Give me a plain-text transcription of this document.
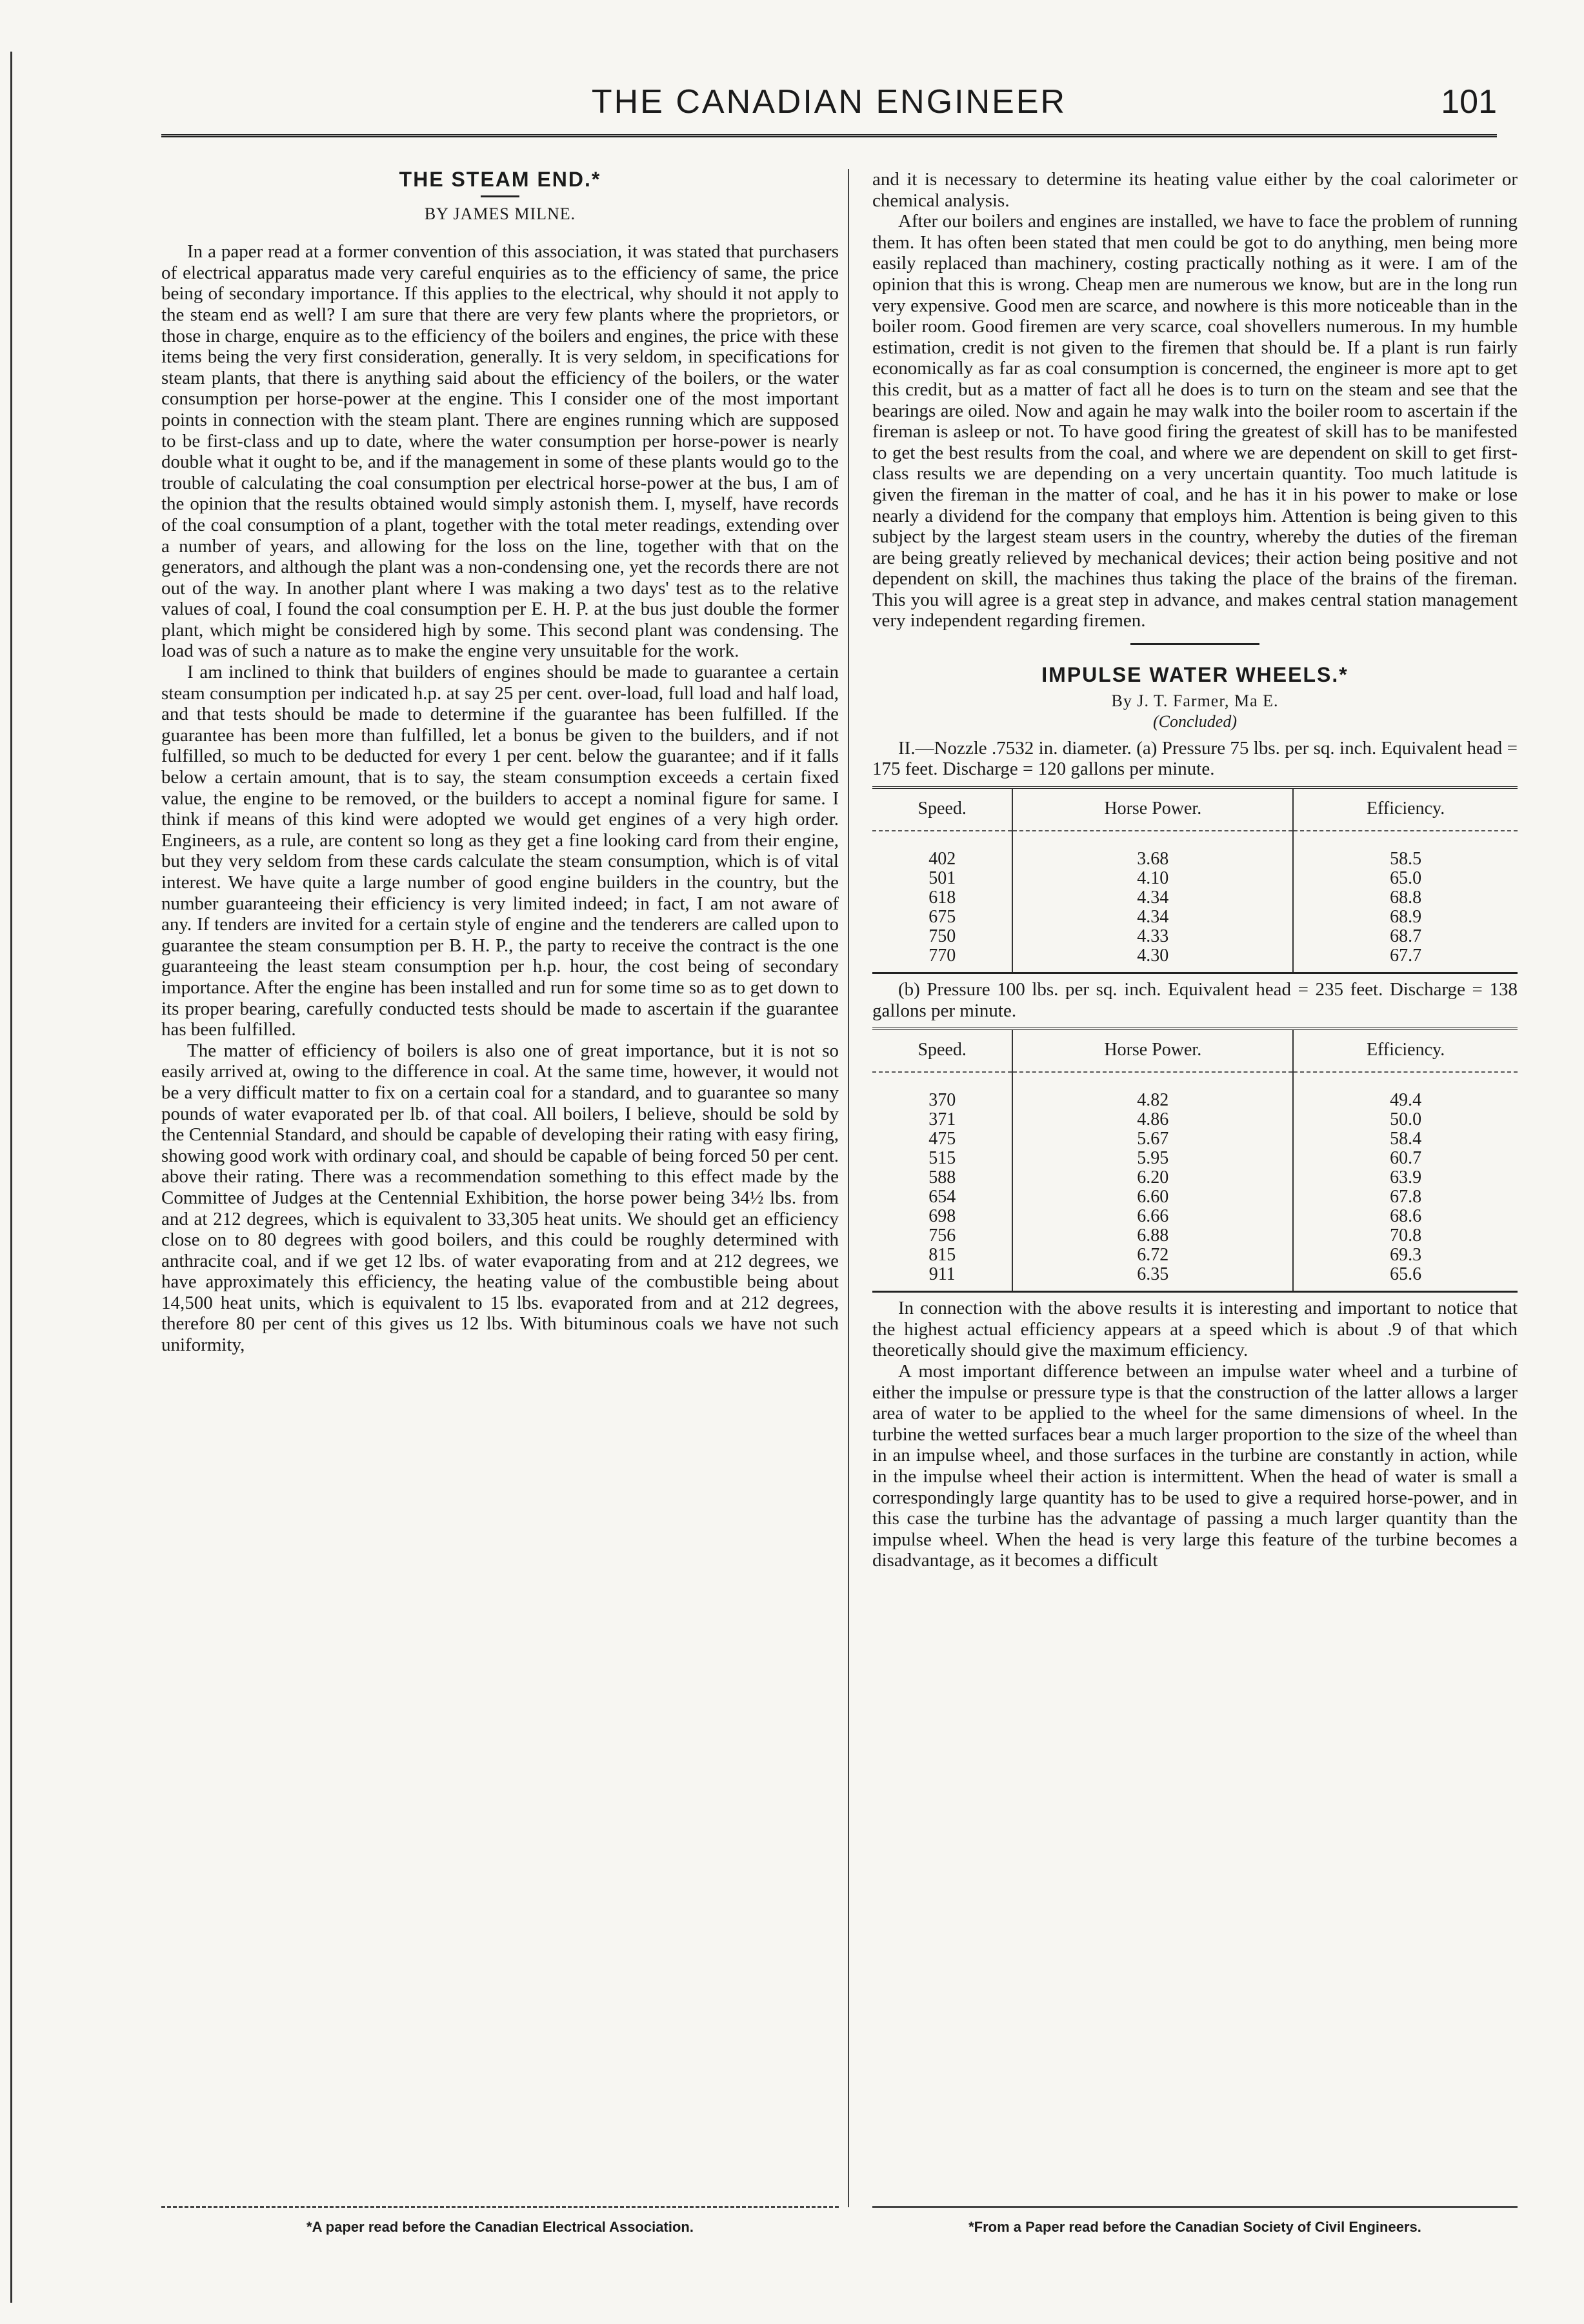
THE CANADIAN ENGINEER	101
THE STEAM END.*
BY JAMES MILNE.

In a paper read at a former convention of this association, it was stated that purchasers of electrical apparatus made very careful enquiries as to the efficiency of same, the price being of secondary importance. If this applies to the electrical, why should it not apply to the steam end as well? I am sure that there are very few plants where the proprietors, or those in charge, enquire as to the efficiency of the boilers and engines, the price with these items being the very first consideration, generally. It is very seldom, in specifications for steam plants, that there is anything said about the efficiency of the boilers, or the water consumption per horse-power at the engine. This I consider one of the most important points in connection with the steam plant. There are engines running which are supposed to be first-class and up to date, where the water consumption per horse-power is nearly double what it ought to be, and if the management in some of these plants would go to the trouble of calculating the coal consumption per electrical horse-power at the bus, I am of the opinion that the results obtained would simply astonish them. I, myself, have records of the coal consumption of a plant, together with the total meter readings, extending over a number of years, and allowing for the loss on the line, together with that on the generators, and although the plant was a non-condensing one, yet the records there are not out of the way. In another plant where I was making a two days' test as to the relative values of coal, I found the coal consumption per E. H. P. at the bus just double the former plant, which might be considered high by some. This second plant was condensing. The load was of such a nature as to make the engine very unsuitable for the work.

I am inclined to think that builders of engines should be made to guarantee a certain steam consumption per indicated h.p. at say 25 per cent. over-load, full load and half load, and that tests should be made to determine if the guarantee has been fulfilled. If the guarantee has been more than fulfilled, let a bonus be given to the builders, and if not fulfilled, so much to be deducted for every 1 per cent. below the guarantee; and if it falls below a certain amount, that is to say, the steam consumption exceeds a certain fixed value, the engine to be removed, or the builders to accept a nominal figure for same. I think if means of this kind were adopted we would get engines of a very high order. Engineers, as a rule, are content so long as they get a fine looking card from their engine, but they very seldom from these cards calculate the steam consumption, which is of vital interest. We have quite a large number of good engine builders in the country, but the number guaranteeing their efficiency is very limited indeed; in fact, I am not aware of any. If tenders are invited for a certain style of engine and the tenderers are called upon to guarantee the steam consumption per B. H. P., the party to receive the contract is the one guaranteeing the least steam consumption per h.p. hour, the cost being of secondary importance. After the engine has been installed and run for some time so as to get down to its proper bearing, carefully conducted tests should be made to ascertain if the guarantee has been fulfilled.

The matter of efficiency of boilers is also one of great importance, but it is not so easily arrived at, owing to the difference in coal. At the same time, however, it would not be a very difficult matter to fix on a certain coal for a standard, and to guarantee so many pounds of water evaporated per lb. of that coal. All boilers, I believe, should be sold by the Centennial Standard, and should be capable of developing their rating with easy firing, showing good work with ordinary coal, and should be capable of being forced 50 per cent. above their rating. There was a recommendation something to this effect made by the Committee of Judges at the Centennial Exhibition, the horse power being 34½ lbs. from and at 212 degrees, which is equivalent to 33,305 heat units. We should get an efficiency close on to 80 degrees with good boilers, and this could be roughly determined with anthracite coal, and if we get 12 lbs. of water evaporating from and at 212 degrees, we have approximately this efficiency, the heating value of the combustible being about 14,500 heat units, which is equivalent to 15 lbs. evaporated from and at 212 degrees, therefore 80 per cent of this gives us 12 lbs. With bituminous coals we have not such uniformity,

and it is necessary to determine its heating value either by the coal calorimeter or chemical analysis.

After our boilers and engines are installed, we have to face the problem of running them. It has often been stated that men could be got to do anything, men being more easily replaced than machinery, costing practically nothing as it were. I am of the opinion that this is wrong. Cheap men are numerous we know, but are in the long run very expensive. Good men are scarce, and nowhere is this more noticeable than in the boiler room. Good firemen are very scarce, coal shovellers numerous. In my humble estimation, credit is not given to the firemen that should be. If a plant is run fairly economically as far as coal consumption is concerned, the engineer is more apt to get this credit, but as a matter of fact all he does is to turn on the steam and see that the bearings are oiled. Now and again he may walk into the boiler room to ascertain if the fireman is asleep or not. To have good firing the greatest of skill has to be manifested to get the best results from the coal, and where we are dependent on skill to get first-class results we are depending on a very uncertain quantity. Too much latitude is given the fireman in the matter of coal, and he has it in his power to make or lose nearly a dividend for the company that employs him. Attention is being given to this subject by the largest steam users in the country, whereby the duties of the fireman are being greatly relieved by mechanical devices; their action being positive and not dependent on skill, the machines thus taking the place of the brains of the fireman. This you will agree is a great step in advance, and makes central station management very independent regarding firemen.

IMPULSE WATER WHEELS.*
By J. T. Farmer, Ma E.
(Concluded)

II.—Nozzle .7532 in. diameter. (a) Pressure 75 lbs. per sq. inch. Equivalent head = 175 feet. Discharge = 120 gallons per minute.

Speed.	Horse Power.	Efficiency.
402	3.68	58.5
501	4.10	65.0
618	4.34	68.8
675	4.34	68.9
750	4.33	68.7
770	4.30	67.7

(b) Pressure 100 lbs. per sq. inch. Equivalent head = 235 feet. Discharge = 138 gallons per minute.

Speed.	Horse Power.	Efficiency.
370	4.82	49.4
371	4.86	50.0
475	5.67	58.4
515	5.95	60.7
588	6.20	63.9
654	6.60	67.8
698	6.66	68.6
756	6.88	70.8
815	6.72	69.3
911	6.35	65.6

In connection with the above results it is interesting and important to notice that the highest actual efficiency appears at a speed which is about .9 of that which theoretically should give the maximum efficiency.

A most important difference between an impulse water wheel and a turbine of either the impulse or pressure type is that the construction of the latter allows a larger area of water to be applied to the wheel for the same dimensions of wheel. In the turbine the wetted surfaces bear a much larger proportion to the size of the wheel than in an impulse wheel, and those surfaces in the turbine are constantly in action, while in the impulse wheel their action is intermittent. When the head of water is small a correspondingly large quantity has to be used to give a required horse-power, and in this case the turbine has the advantage of passing a much larger quantity than the impulse wheel. When the head is very large this feature of the turbine becomes a disadvantage, as it becomes a difficult

*A paper read before the Canadian Electrical Association.	*From a Paper read before the Canadian Society of Civil Engineers.
